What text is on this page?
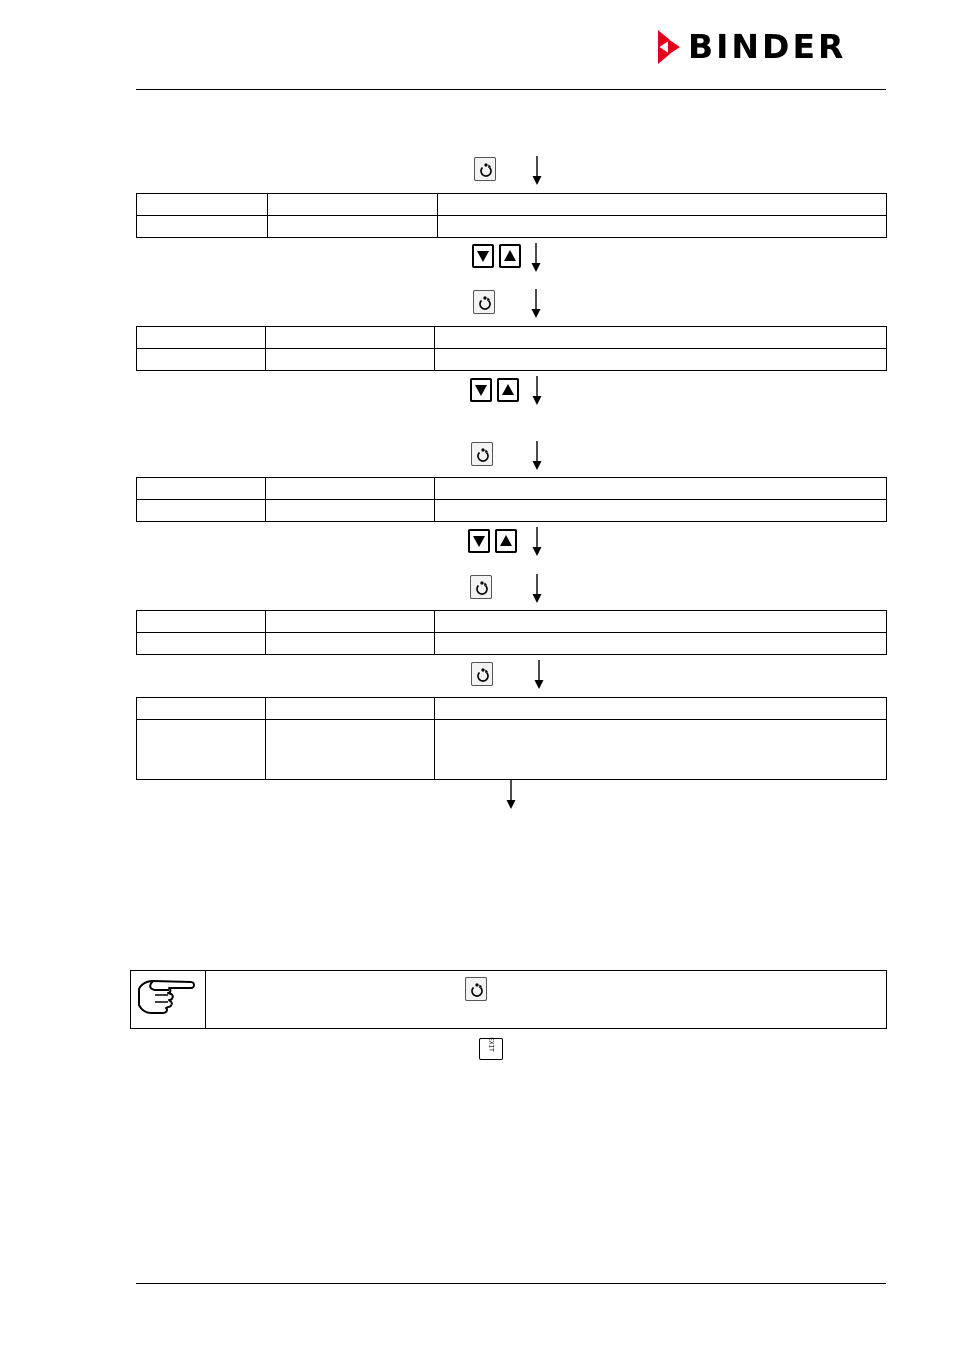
BINDER

EXIT
